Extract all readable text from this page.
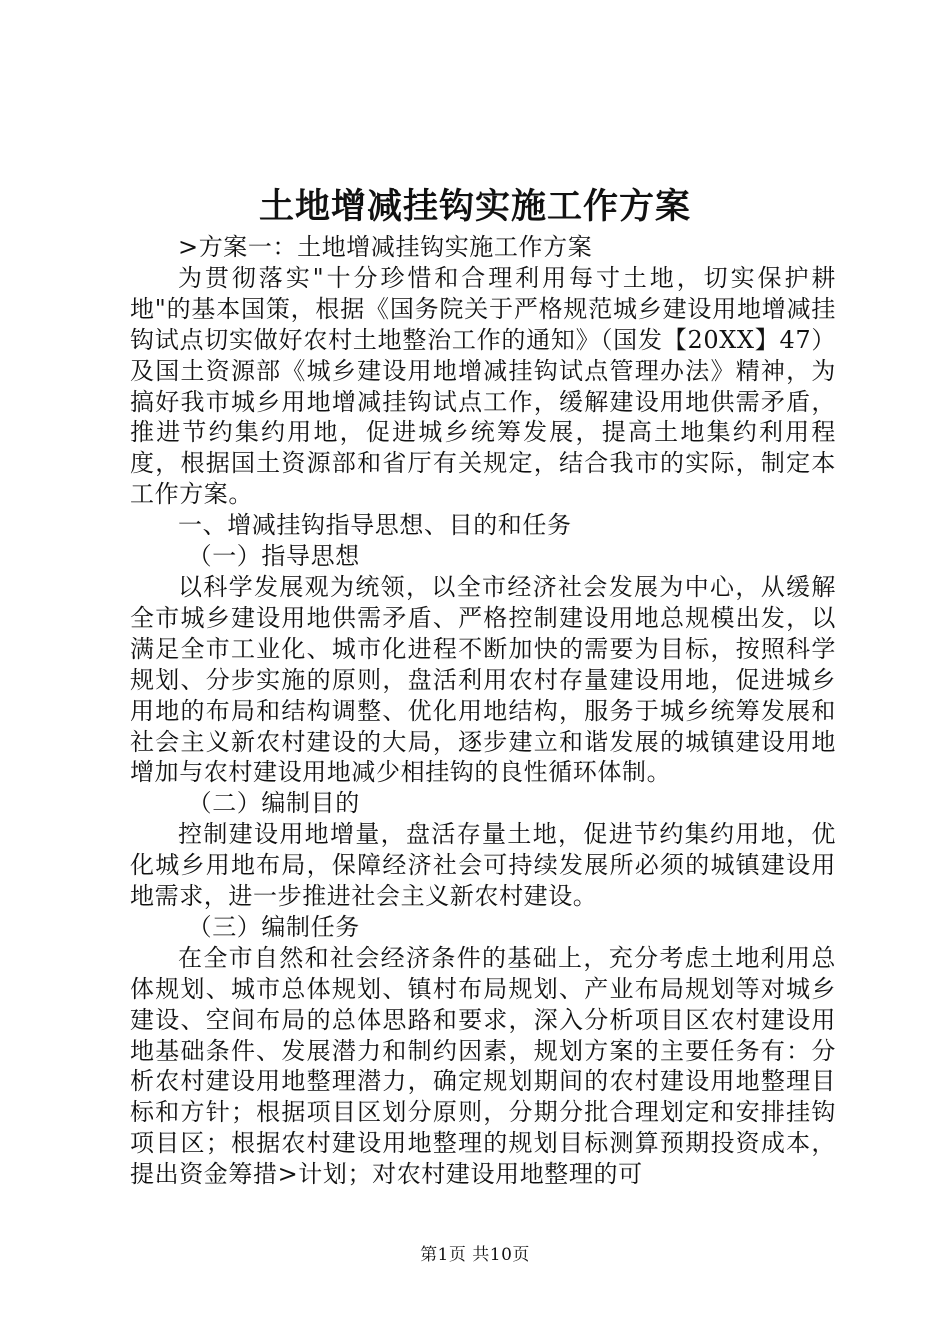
土地增减挂钩实施工作方案

>方案一：土地增减挂钩实施工作方案

为贯彻落实"十分珍惜和合理利用每寸土地，切实保护耕地"的基本国策，根据《国务院关于严格规范城乡建设用地增减挂钩试点切实做好农村土地整治工作的通知》（国发【20XX】47）及国土资源部《城乡建设用地增减挂钩试点管理办法》精神，为搞好我市城乡用地增减挂钩试点工作，缓解建设用地供需矛盾，推进节约集约用地，促进城乡统筹发展，提高土地集约利用程度，根据国土资源部和省厅有关规定，结合我市的实际，制定本工作方案。

一、增减挂钩指导思想、目的和任务

（一）指导思想

以科学发展观为统领，以全市经济社会发展为中心，从缓解全市城乡建设用地供需矛盾、严格控制建设用地总规模出发，以满足全市工业化、城市化进程不断加快的需要为目标，按照科学规划、分步实施的原则，盘活利用农村存量建设用地，促进城乡用地的布局和结构调整、优化用地结构，服务于城乡统筹发展和社会主义新农村建设的大局，逐步建立和谐发展的城镇建设用地增加与农村建设用地减少相挂钩的良性循环体制。

（二）编制目的

控制建设用地增量，盘活存量土地，促进节约集约用地，优化城乡用地布局，保障经济社会可持续发展所必须的城镇建设用地需求，进一步推进社会主义新农村建设。

（三）编制任务

在全市自然和社会经济条件的基础上，充分考虑土地利用总体规划、城市总体规划、镇村布局规划、产业布局规划等对城乡建设、空间布局的总体思路和要求，深入分析项目区农村建设用地基础条件、发展潜力和制约因素，规划方案的主要任务有：分析农村建设用地整理潜力，确定规划期间的农村建设用地整理目标和方针；根据项目区划分原则，分期分批合理划定和安排挂钩项目区；根据农村建设用地整理的规划目标测算预期投资成本，提出资金筹措>计划；对农村建设用地整理的可

第1页 共10页
